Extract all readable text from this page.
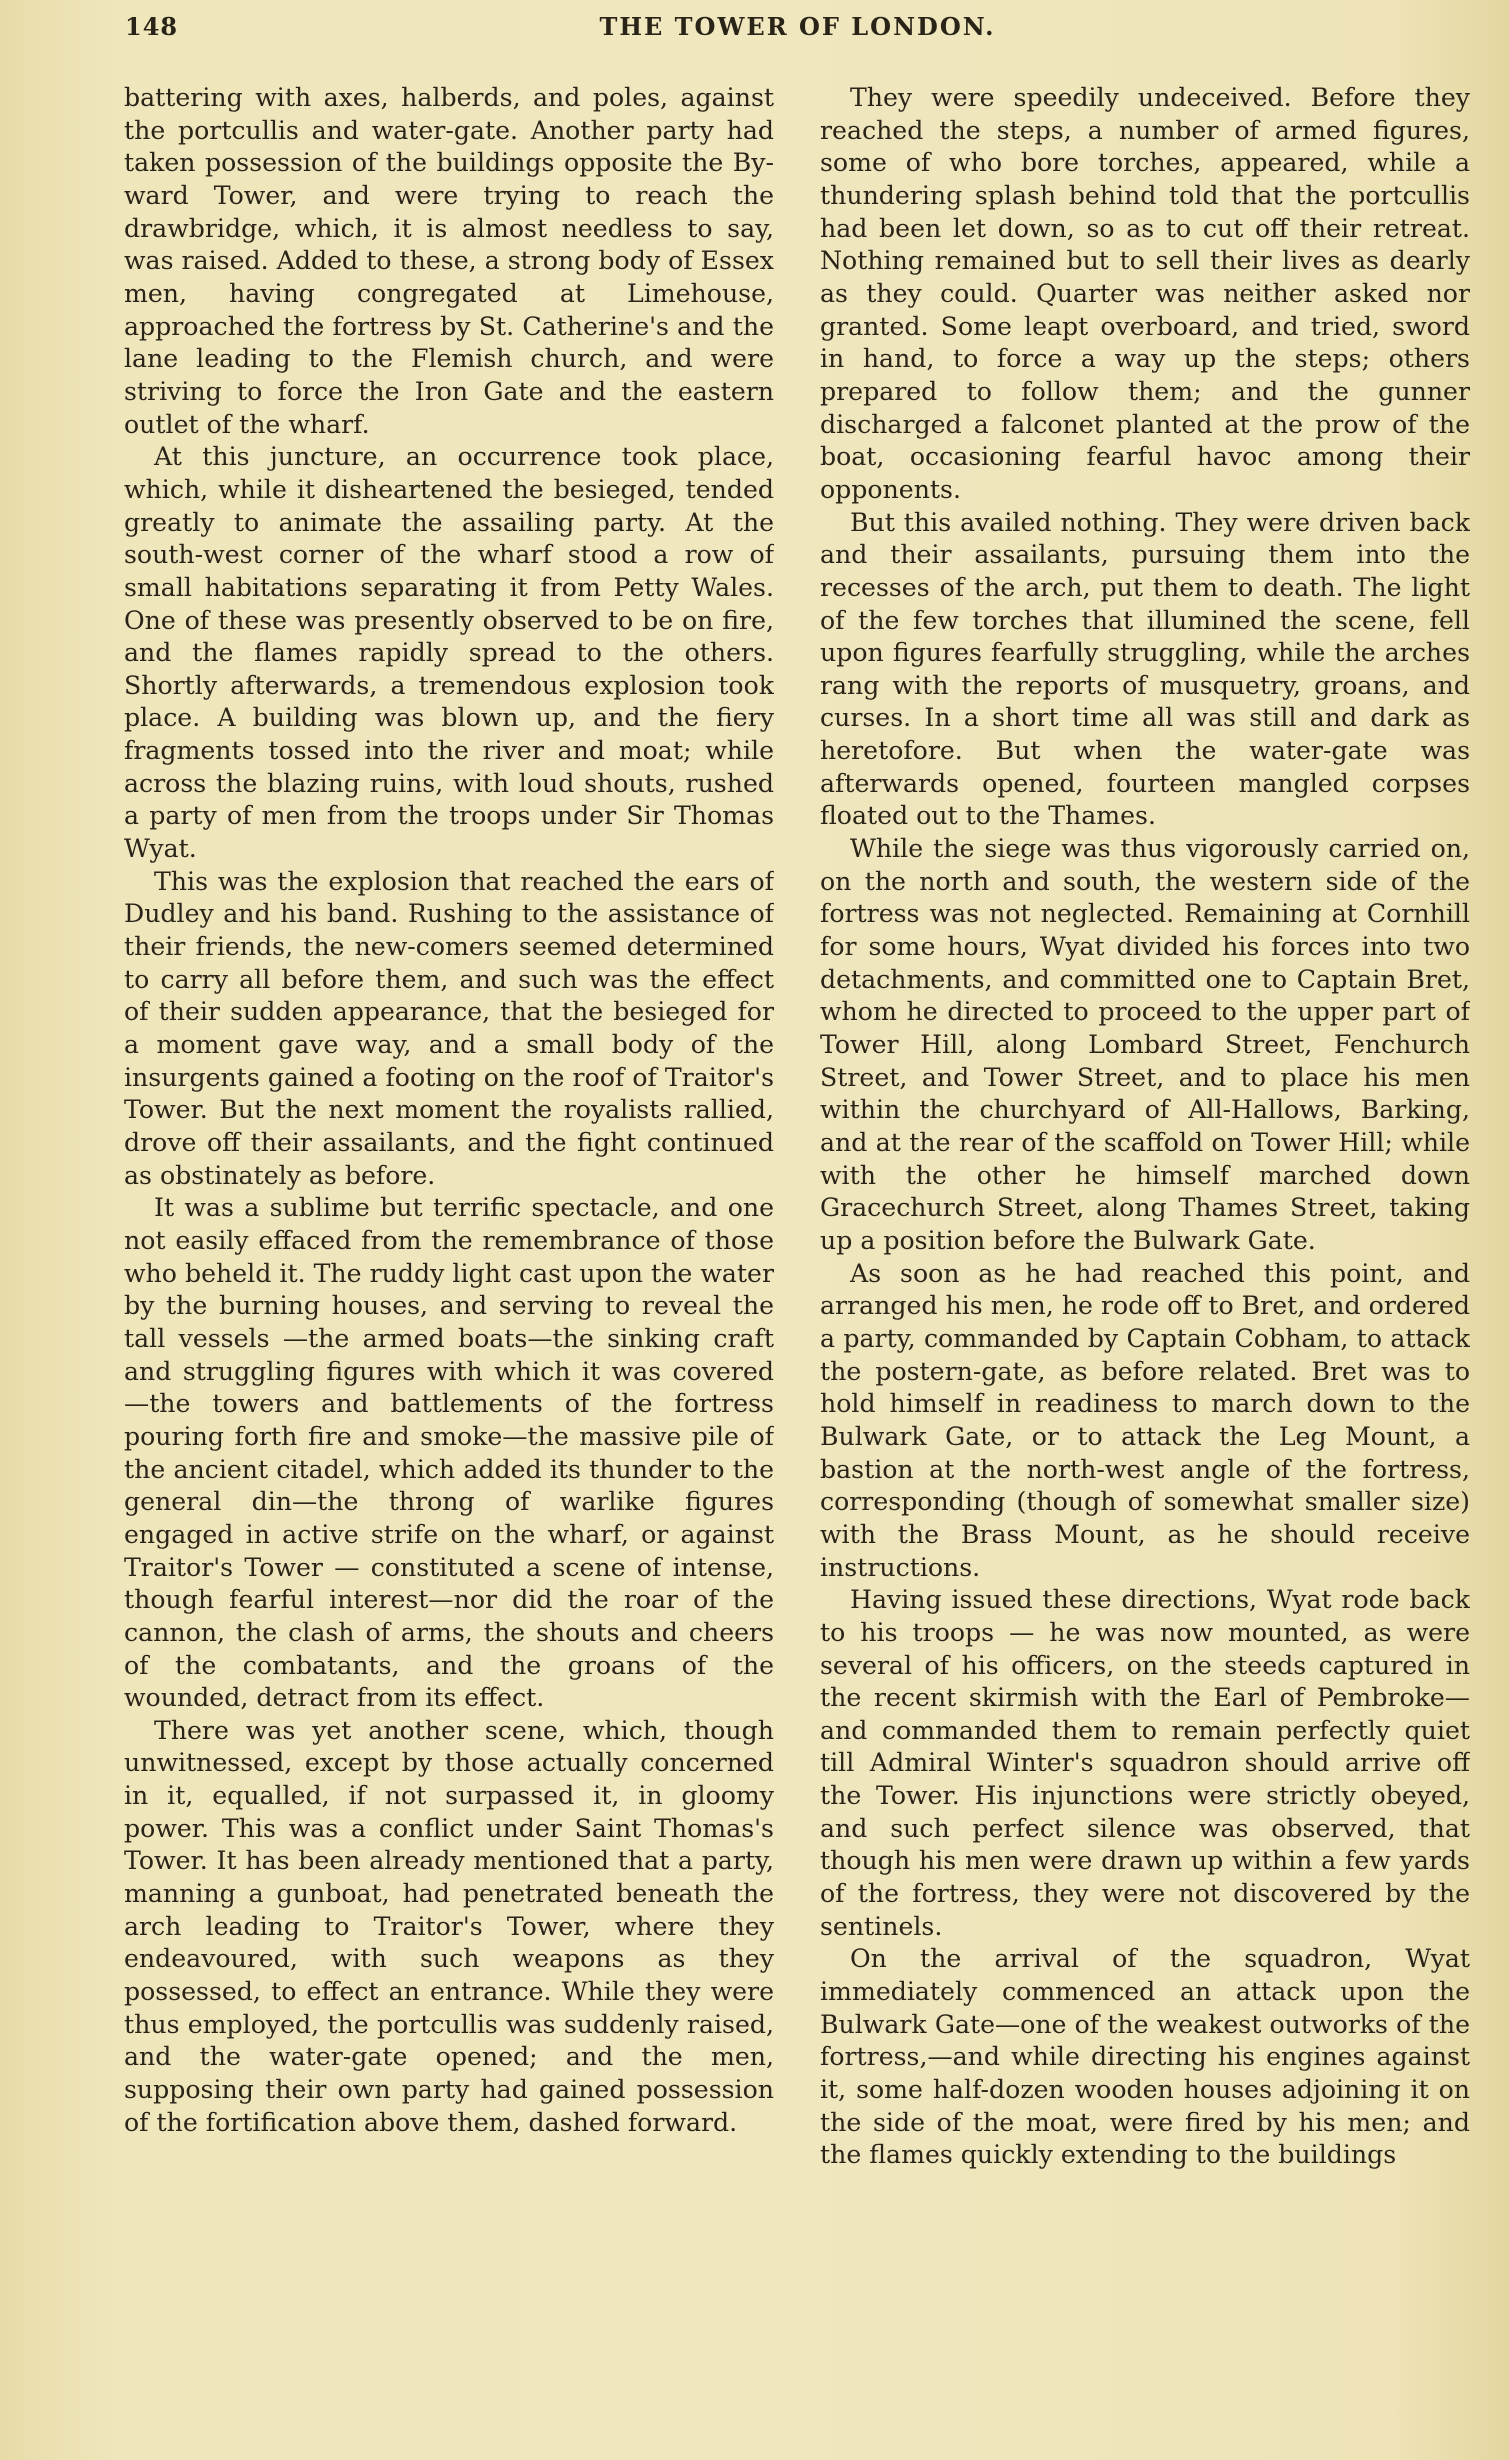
148	THE TOWER OF LONDON.

battering with axes, halberds, and poles, against the portcullis and water-gate. Another party had taken possession of the buildings opposite the By-ward Tower, and were trying to reach the drawbridge, which, it is almost needless to say, was raised. Added to these, a strong body of Essex men, having congregated at Limehouse, approached the fortress by St. Catherine's and the lane leading to the Flemish church, and were striving to force the Iron Gate and the eastern outlet of the wharf.

At this juncture, an occurrence took place, which, while it disheartened the besieged, tended greatly to animate the assailing party. At the south-west corner of the wharf stood a row of small habitations separating it from Petty Wales. One of these was presently observed to be on fire, and the flames rapidly spread to the others. Shortly afterwards, a tremendous explosion took place. A building was blown up, and the fiery fragments tossed into the river and moat; while across the blazing ruins, with loud shouts, rushed a party of men from the troops under Sir Thomas Wyat.

This was the explosion that reached the ears of Dudley and his band. Rushing to the assistance of their friends, the new-comers seemed determined to carry all before them, and such was the effect of their sudden appearance, that the besieged for a moment gave way, and a small body of the insurgents gained a footing on the roof of Traitor's Tower. But the next moment the royalists rallied, drove off their assailants, and the fight continued as obstinately as before.

It was a sublime but terrific spectacle, and one not easily effaced from the remembrance of those who beheld it. The ruddy light cast upon the water by the burning houses, and serving to reveal the tall vessels —the armed boats—the sinking craft and struggling figures with which it was covered —the towers and battlements of the fortress pouring forth fire and smoke—the massive pile of the ancient citadel, which added its thunder to the general din—the throng of warlike figures engaged in active strife on the wharf, or against Traitor's Tower — constituted a scene of intense, though fearful interest—nor did the roar of the cannon, the clash of arms, the shouts and cheers of the combatants, and the groans of the wounded, detract from its effect.

There was yet another scene, which, though unwitnessed, except by those actually concerned in it, equalled, if not surpassed it, in gloomy power. This was a conflict under Saint Thomas's Tower. It has been already mentioned that a party, manning a gunboat, had penetrated beneath the arch leading to Traitor's Tower, where they endeavoured, with such weapons as they possessed, to effect an entrance. While they were thus employed, the portcullis was suddenly raised, and the water-gate opened; and the men, supposing their own party had gained possession of the fortification above them, dashed forward.

They were speedily undeceived. Before they reached the steps, a number of armed figures, some of who bore torches, appeared, while a thundering splash behind told that the portcullis had been let down, so as to cut off their retreat. Nothing remained but to sell their lives as dearly as they could. Quarter was neither asked nor granted. Some leapt overboard, and tried, sword in hand, to force a way up the steps; others prepared to follow them; and the gunner discharged a falconet planted at the prow of the boat, occasioning fearful havoc among their opponents.

But this availed nothing. They were driven back and their assailants, pursuing them into the recesses of the arch, put them to death. The light of the few torches that illumined the scene, fell upon figures fearfully struggling, while the arches rang with the reports of musquetry, groans, and curses. In a short time all was still and dark as heretofore. But when the water-gate was afterwards opened, fourteen mangled corpses floated out to the Thames.

While the siege was thus vigorously carried on, on the north and south, the western side of the fortress was not neglected. Remaining at Cornhill for some hours, Wyat divided his forces into two detachments, and committed one to Captain Bret, whom he directed to proceed to the upper part of Tower Hill, along Lombard Street, Fenchurch Street, and Tower Street, and to place his men within the churchyard of All-Hallows, Barking, and at the rear of the scaffold on Tower Hill; while with the other he himself marched down Gracechurch Street, along Thames Street, taking up a position before the Bulwark Gate.

As soon as he had reached this point, and arranged his men, he rode off to Bret, and ordered a party, commanded by Captain Cobham, to attack the postern-gate, as before related. Bret was to hold himself in readiness to march down to the Bulwark Gate, or to attack the Leg Mount, a bastion at the north-west angle of the fortress, corresponding (though of somewhat smaller size) with the Brass Mount, as he should receive instructions.

Having issued these directions, Wyat rode back to his troops — he was now mounted, as were several of his officers, on the steeds captured in the recent skirmish with the Earl of Pembroke—and commanded them to remain perfectly quiet till Admiral Winter's squadron should arrive off the Tower. His injunctions were strictly obeyed, and such perfect silence was observed, that though his men were drawn up within a few yards of the fortress, they were not discovered by the sentinels.

On the arrival of the squadron, Wyat immediately commenced an attack upon the Bulwark Gate—one of the weakest outworks of the fortress,—and while directing his engines against it, some half-dozen wooden houses adjoining it on the side of the moat, were fired by his men; and the flames quickly extending to the buildings
